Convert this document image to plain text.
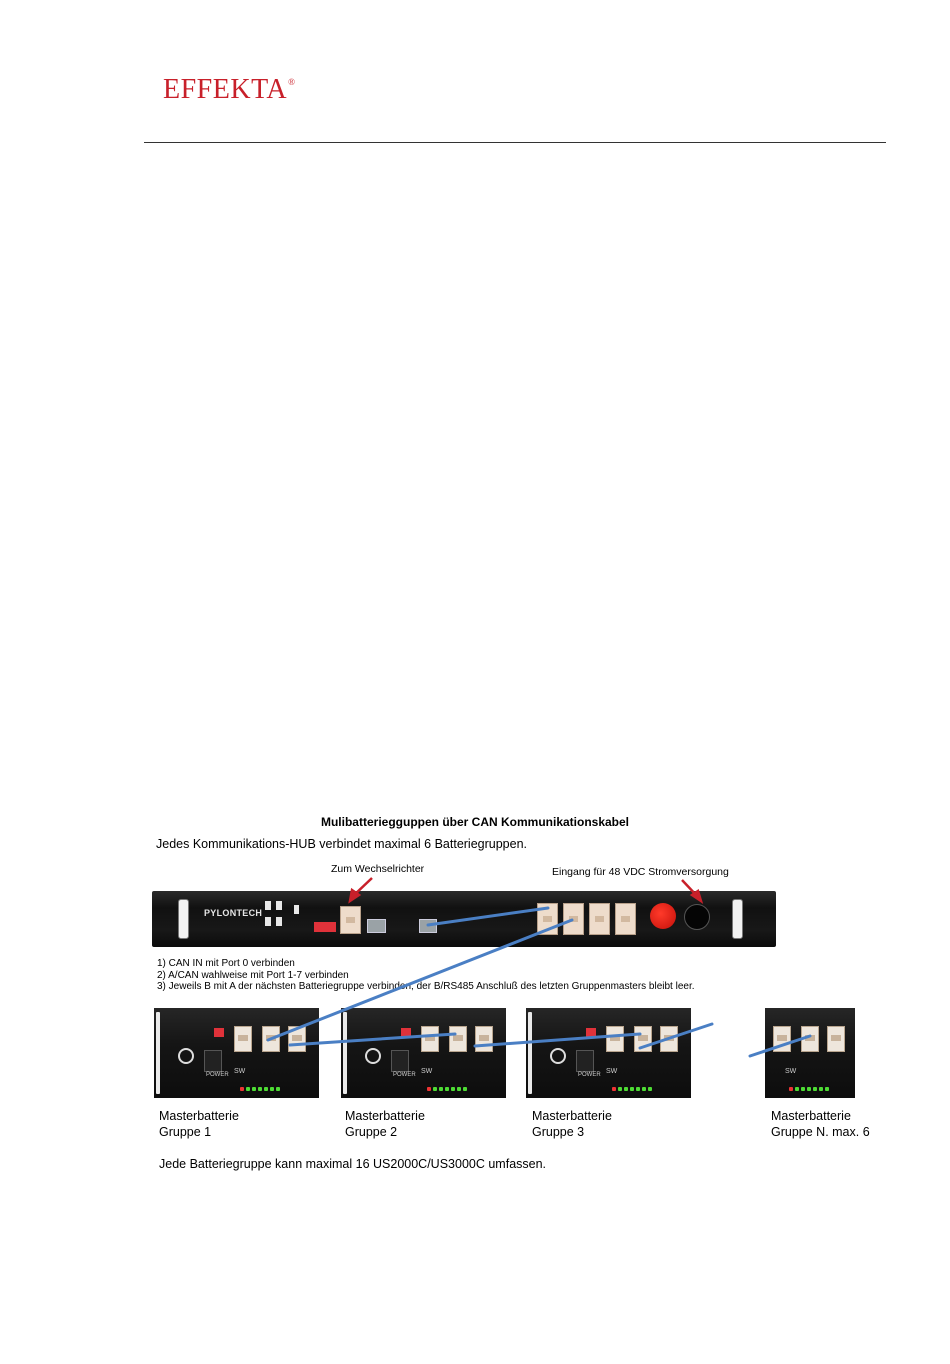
EFFEKTA®
Mulibatteriegguppen über CAN Kommunikationskabel
Jedes Kommunikations-HUB verbindet maximal 6 Batteriegruppen.
Zum Wechselrichter	Eingang für 48 VDC Stromversorgung
PYLONTECH
1) CAN IN mit Port 0 verbinden
2) A/CAN wahlweise mit Port 1-7 verbinden
3) Jeweils B mit A der nächsten Batteriegruppe verbinden; der B/RS485 Anschluß des letzten Gruppenmasters bleibt leer.
POWER SW	POWER SW	POWER SW	SW
Masterbatterie
Gruppe 1
Masterbatterie
Gruppe 2
Masterbatterie
Gruppe 3
Masterbatterie
Gruppe N. max. 6
Jede Batteriegruppe kann maximal 16 US2000C/US3000C umfassen.
